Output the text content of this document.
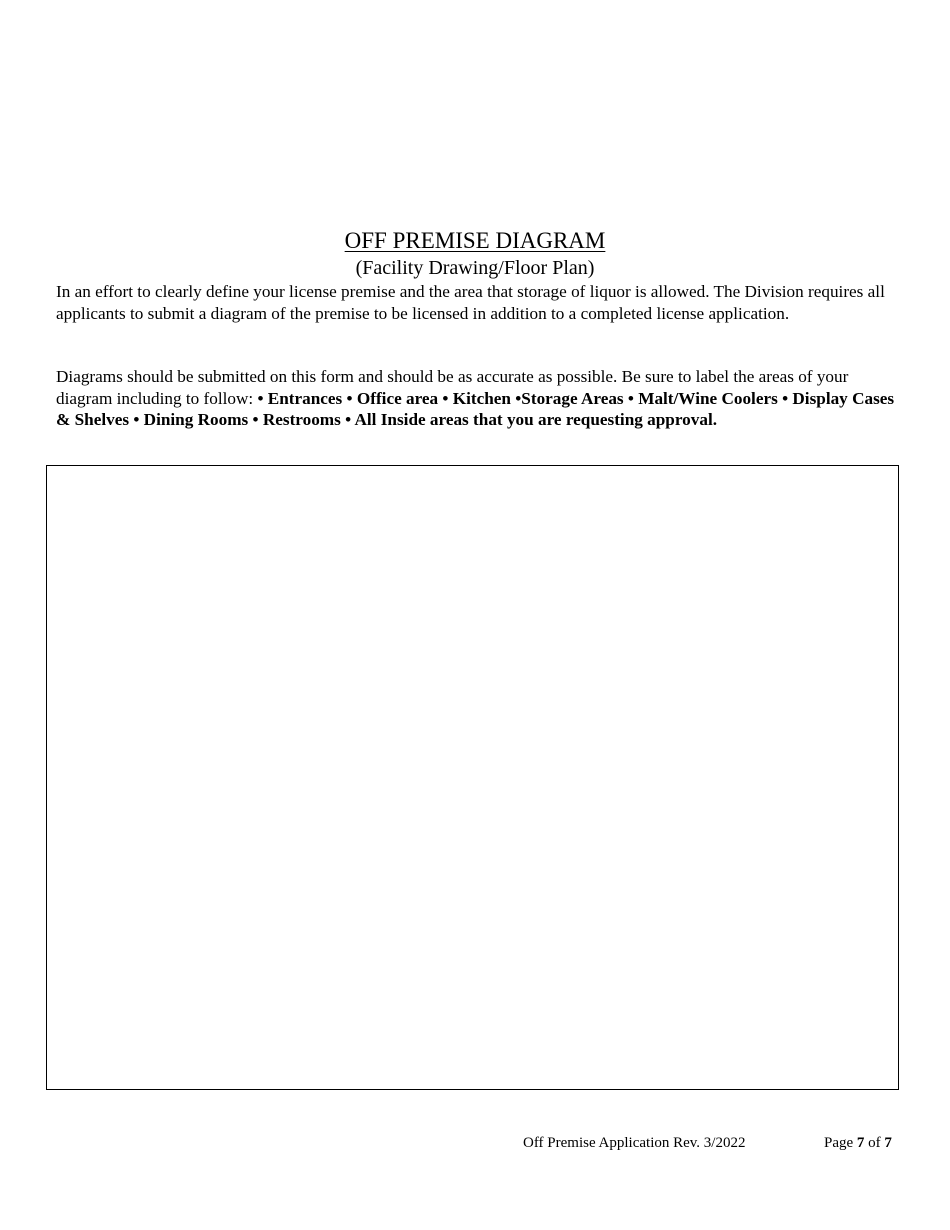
OFF PREMISE DIAGRAM
(Facility Drawing/Floor Plan)

In an effort to clearly define your license premise and the area that storage of liquor is allowed. The Division requires all applicants to submit a diagram of the premise to be licensed in addition to a completed license application.

Diagrams should be submitted on this form and should be as accurate as possible. Be sure to label the areas of your diagram including to follow: • Entrances • Office area • Kitchen •Storage Areas • Malt/Wine Coolers • Display Cases & Shelves • Dining Rooms • Restrooms • All Inside areas that you are requesting approval.

Off Premise Application Rev. 3/2022	Page 7 of 7
